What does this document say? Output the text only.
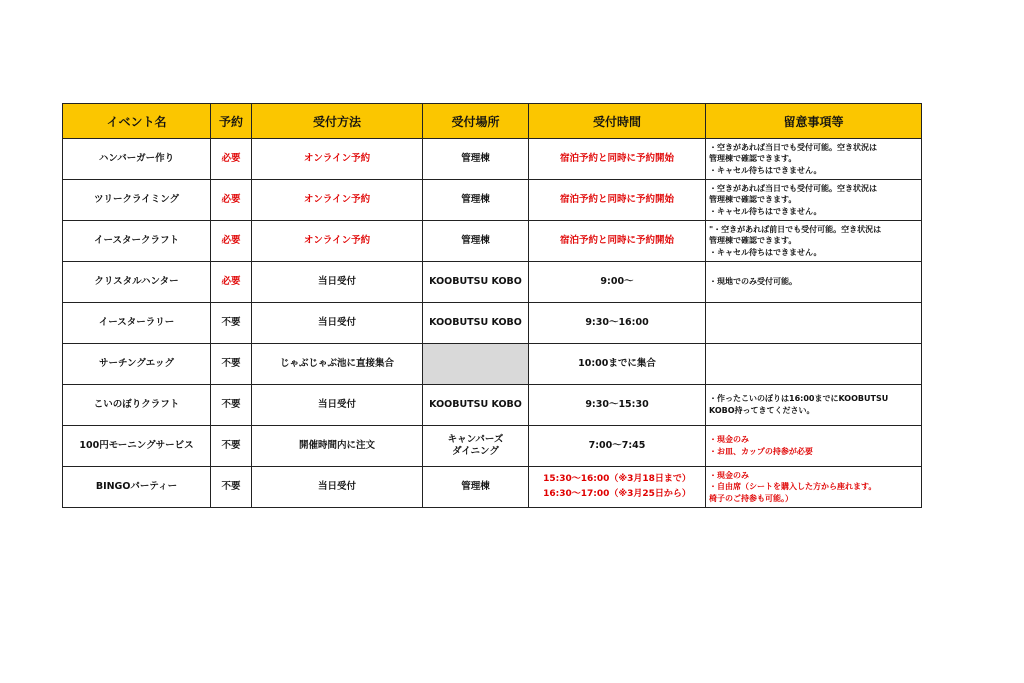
イベント名	予約	受付方法	受付場所	受付時間	留意事項等
ハンバーガー作り	必要	オンライン予約	管理棟	宿泊予約と同時に予約開始	・空きがあれば当日でも受付可能。空き状況は
管理棟で確認できます。
・キャセル待ちはできません。

ツリークライミング	必要	オンライン予約	管理棟	宿泊予約と同時に予約開始	・空きがあれば当日でも受付可能。空き状況は
管理棟で確認できます。
・キャセル待ちはできません。

イースタークラフト	必要	オンライン予約	管理棟	宿泊予約と同時に予約開始	"・空きがあれば前日でも受付可能。空き状況は
管理棟で確認できます。
・キャセル待ちはできません。

クリスタルハンター	必要	当日受付	KOOBUTSU KOBO	9:00〜	・現地でのみ受付可能。

イースターラリー	不要	当日受付	KOOBUTSU KOBO	9:30〜16:00	
サーチングエッグ	不要	じゃぶじゃぶ池に直接集合		10:00までに集合	
こいのぼりクラフト	不要	当日受付	KOOBUTSU KOBO	9:30〜15:30	・作ったこいのぼりは16:00までにKOOBUTSU
KOBO持ってきてください。

100円モーニングサービス	不要	開催時間内に注文	キャンパーズ
ダイニング	7:00〜7:45	・現金のみ
・お皿、カップの持参が必要

BINGOパーティー	不要	当日受付	管理棟	15:30〜16:00（※3月18日まで）
16:30〜17:00（※3月25日から）	・現金のみ
・自由席（シートを購入した方から座れます。
椅子のご持参も可能。）
